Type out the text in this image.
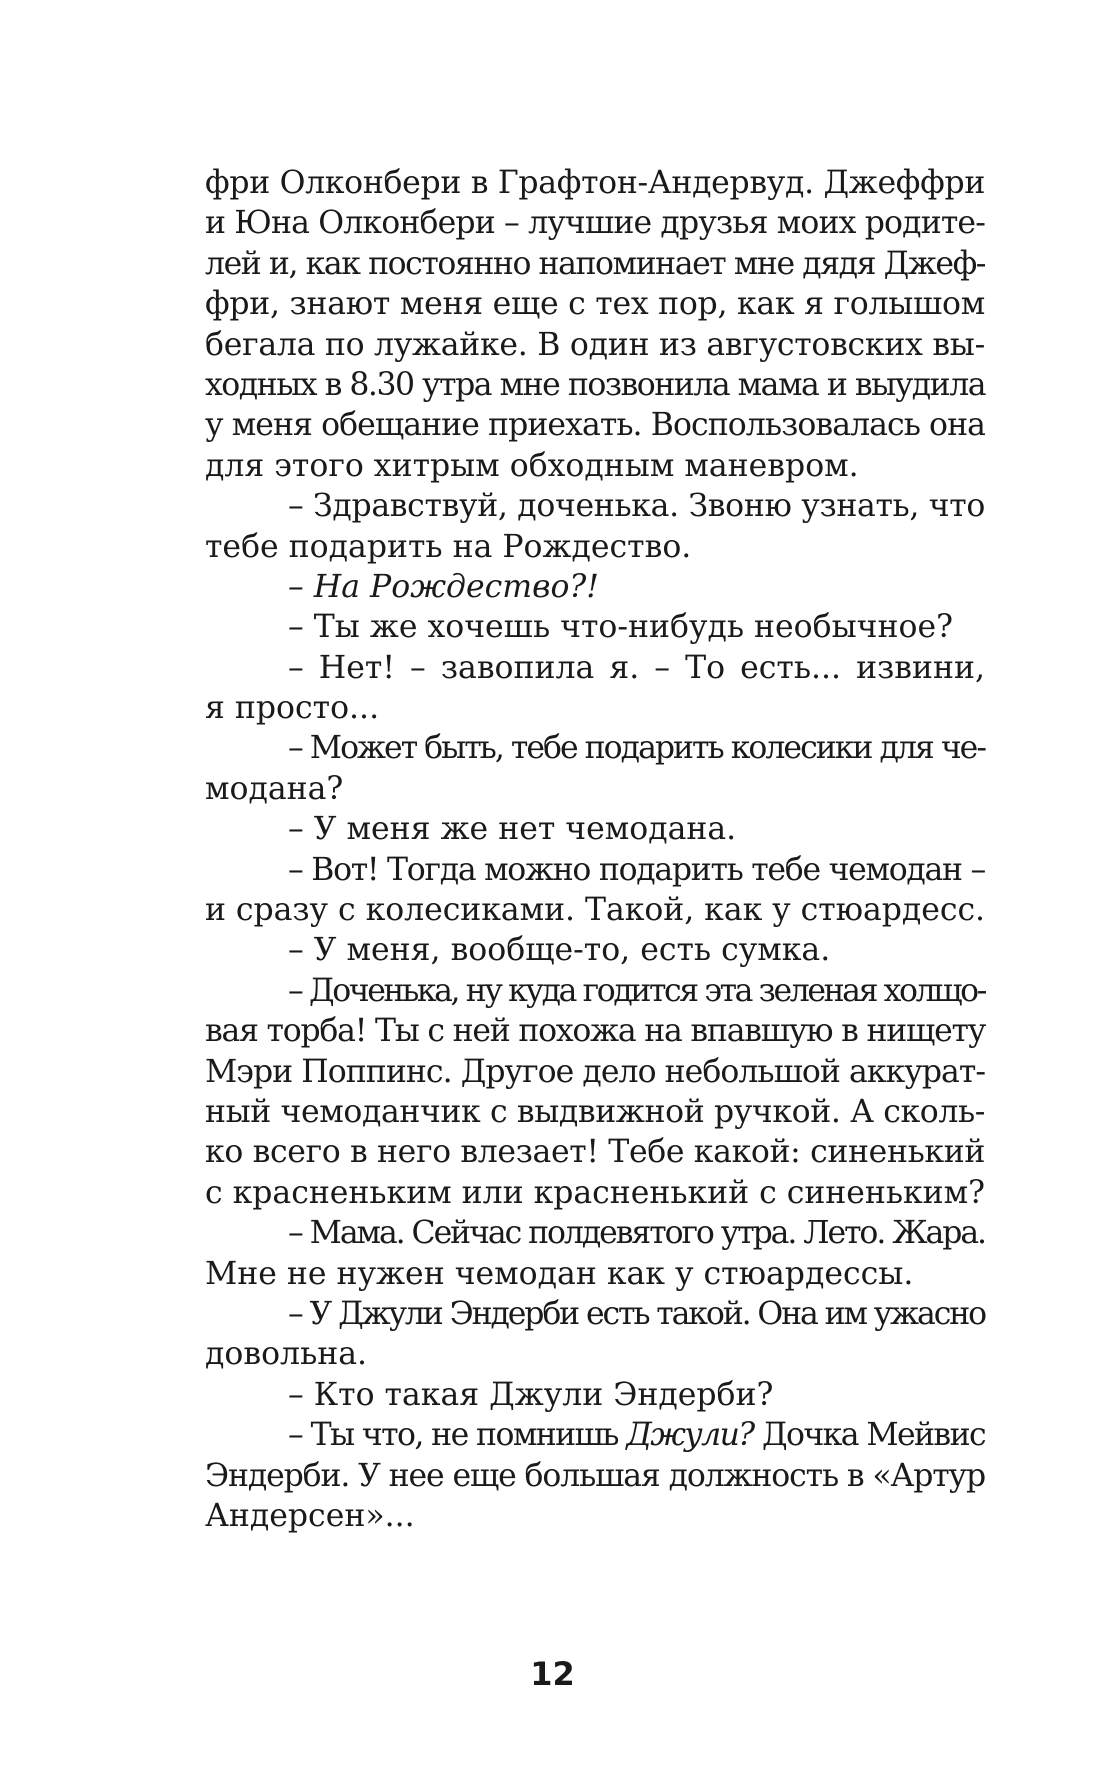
фри Олконбери в Графтон-Андервуд. Джеффри
и Юна Олконбери – лучшие друзья моих родите-
лей и, как постоянно напоминает мне дядя Джеф-
фри, знают меня еще с тех пор, как я голышом
бегала по лужайке. В один из августовских вы-
ходных в 8.30 утра мне позвонила мама и выудила
у меня обещание приехать. Воспользовалась она
для этого хитрым обходным маневром.
– Здравствуй, доченька. Звоню узнать, что
тебе подарить на Рождество.
– На Рождество?!
– Ты же хочешь что-нибудь необычное?
– Нет! – завопила я. – То есть... извини,
я просто...
– Может быть, тебе подарить колесики для че-
модана?
– У меня же нет чемодана.
– Вот! Тогда можно подарить тебе чемодан –
и сразу с колесиками. Такой, как у стюардесс.
– У меня, вообще-то, есть сумка.
– Доченька, ну куда годится эта зеленая холщо-
вая торба! Ты с ней похожа на впавшую в нищету
Мэри Поппинс. Другое дело небольшой аккурат-
ный чемоданчик с выдвижной ручкой. А сколь-
ко всего в него влезает! Тебе какой: синенький
с красненьким или красненький с синеньким?
– Мама. Сейчас полдевятого утра. Лето. Жара.
Мне не нужен чемодан как у стюардессы.
– У Джули Эндерби есть такой. Она им ужасно
довольна.
– Кто такая Джули Эндерби?
– Ты что, не помнишь Джули? Дочка Мейвис
Эндерби. У нее еще большая должность в «Артур
Андерсен»...
12
